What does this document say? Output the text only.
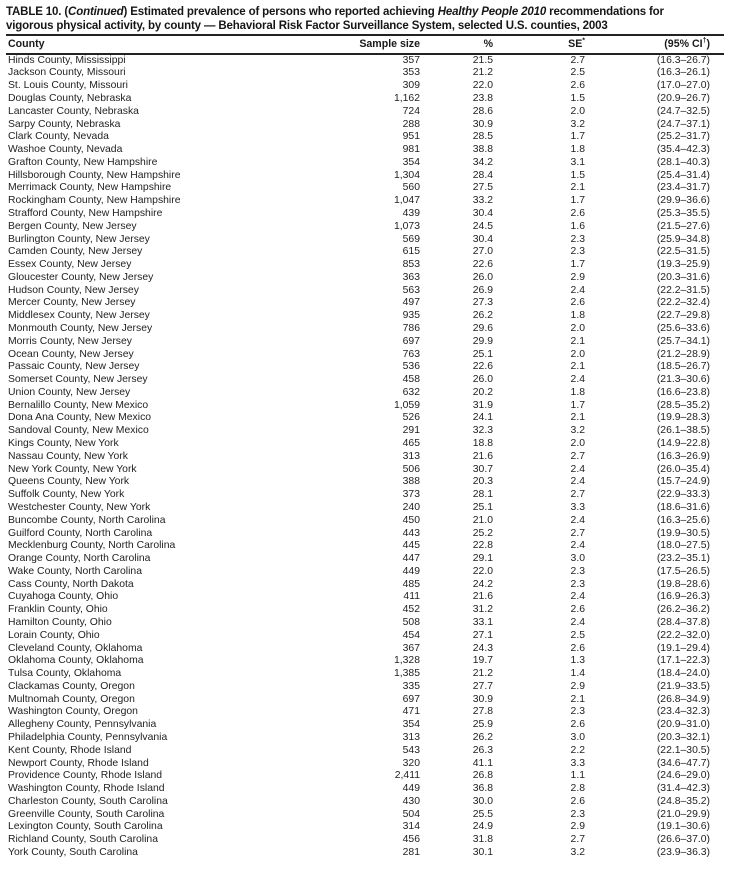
TABLE 10. (Continued) Estimated prevalence of persons who reported achieving Healthy People 2010 recommendations for
vigorous physical activity, by county — Behavioral Risk Factor Surveillance System, selected U.S. counties, 2003
County	Sample size	%	SE*	(95% CI†)
Hinds County, Mississippi	357	21.5	2.7	(16.3–26.7)
Jackson County, Missouri	353	21.2	2.5	(16.3–26.1)
St. Louis County, Missouri	309	22.0	2.6	(17.0–27.0)
Douglas County, Nebraska	1,162	23.8	1.5	(20.9–26.7)
Lancaster County, Nebraska	724	28.6	2.0	(24.7–32.5)
Sarpy County, Nebraska	288	30.9	3.2	(24.7–37.1)
Clark County, Nevada	951	28.5	1.7	(25.2–31.7)
Washoe County, Nevada	981	38.8	1.8	(35.4–42.3)
Grafton County, New Hampshire	354	34.2	3.1	(28.1–40.3)
Hillsborough County, New Hampshire	1,304	28.4	1.5	(25.4–31.4)
Merrimack County, New Hampshire	560	27.5	2.1	(23.4–31.7)
Rockingham County, New Hampshire	1,047	33.2	1.7	(29.9–36.6)
Strafford County, New Hampshire	439	30.4	2.6	(25.3–35.5)
Bergen County, New Jersey	1,073	24.5	1.6	(21.5–27.6)
Burlington County, New Jersey	569	30.4	2.3	(25.9–34.8)
Camden County, New Jersey	615	27.0	2.3	(22.5–31.5)
Essex County, New Jersey	853	22.6	1.7	(19.3–25.9)
Gloucester County, New Jersey	363	26.0	2.9	(20.3–31.6)
Hudson County, New Jersey	563	26.9	2.4	(22.2–31.5)
Mercer County, New Jersey	497	27.3	2.6	(22.2–32.4)
Middlesex County, New Jersey	935	26.2	1.8	(22.7–29.8)
Monmouth County, New Jersey	786	29.6	2.0	(25.6–33.6)
Morris County, New Jersey	697	29.9	2.1	(25.7–34.1)
Ocean County, New Jersey	763	25.1	2.0	(21.2–28.9)
Passaic County, New Jersey	536	22.6	2.1	(18.5–26.7)
Somerset County, New Jersey	458	26.0	2.4	(21.3–30.6)
Union County, New Jersey	632	20.2	1.8	(16.6–23.8)
Bernalillo County, New Mexico	1,059	31.9	1.7	(28.5–35.2)
Dona Ana County, New Mexico	526	24.1	2.1	(19.9–28.3)
Sandoval County, New Mexico	291	32.3	3.2	(26.1–38.5)
Kings County, New York	465	18.8	2.0	(14.9–22.8)
Nassau County, New York	313	21.6	2.7	(16.3–26.9)
New York County, New York	506	30.7	2.4	(26.0–35.4)
Queens County, New York	388	20.3	2.4	(15.7–24.9)
Suffolk County, New York	373	28.1	2.7	(22.9–33.3)
Westchester County, New York	240	25.1	3.3	(18.6–31.6)
Buncombe County, North Carolina	450	21.0	2.4	(16.3–25.6)
Guilford County, North Carolina	443	25.2	2.7	(19.9–30.5)
Mecklenburg County, North Carolina	445	22.8	2.4	(18.0–27.5)
Orange County, North Carolina	447	29.1	3.0	(23.2–35.1)
Wake County, North Carolina	449	22.0	2.3	(17.5–26.5)
Cass County, North Dakota	485	24.2	2.3	(19.8–28.6)
Cuyahoga County, Ohio	411	21.6	2.4	(16.9–26.3)
Franklin County, Ohio	452	31.2	2.6	(26.2–36.2)
Hamilton County, Ohio	508	33.1	2.4	(28.4–37.8)
Lorain County, Ohio	454	27.1	2.5	(22.2–32.0)
Cleveland County, Oklahoma	367	24.3	2.6	(19.1–29.4)
Oklahoma County, Oklahoma	1,328	19.7	1.3	(17.1–22.3)
Tulsa County, Oklahoma	1,385	21.2	1.4	(18.4–24.0)
Clackamas County, Oregon	335	27.7	2.9	(21.9–33.5)
Multnomah County, Oregon	697	30.9	2.1	(26.8–34.9)
Washington County, Oregon	471	27.8	2.3	(23.4–32.3)
Allegheny County, Pennsylvania	354	25.9	2.6	(20.9–31.0)
Philadelphia County, Pennsylvania	313	26.2	3.0	(20.3–32.1)
Kent County, Rhode Island	543	26.3	2.2	(22.1–30.5)
Newport County, Rhode Island	320	41.1	3.3	(34.6–47.7)
Providence County, Rhode Island	2,411	26.8	1.1	(24.6–29.0)
Washington County, Rhode Island	449	36.8	2.8	(31.4–42.3)
Charleston County, South Carolina	430	30.0	2.6	(24.8–35.2)
Greenville County, South Carolina	504	25.5	2.3	(21.0–29.9)
Lexington County, South Carolina	314	24.9	2.9	(19.1–30.6)
Richland County, South Carolina	456	31.8	2.7	(26.6–37.0)
York County, South Carolina	281	30.1	3.2	(23.9–36.3)
